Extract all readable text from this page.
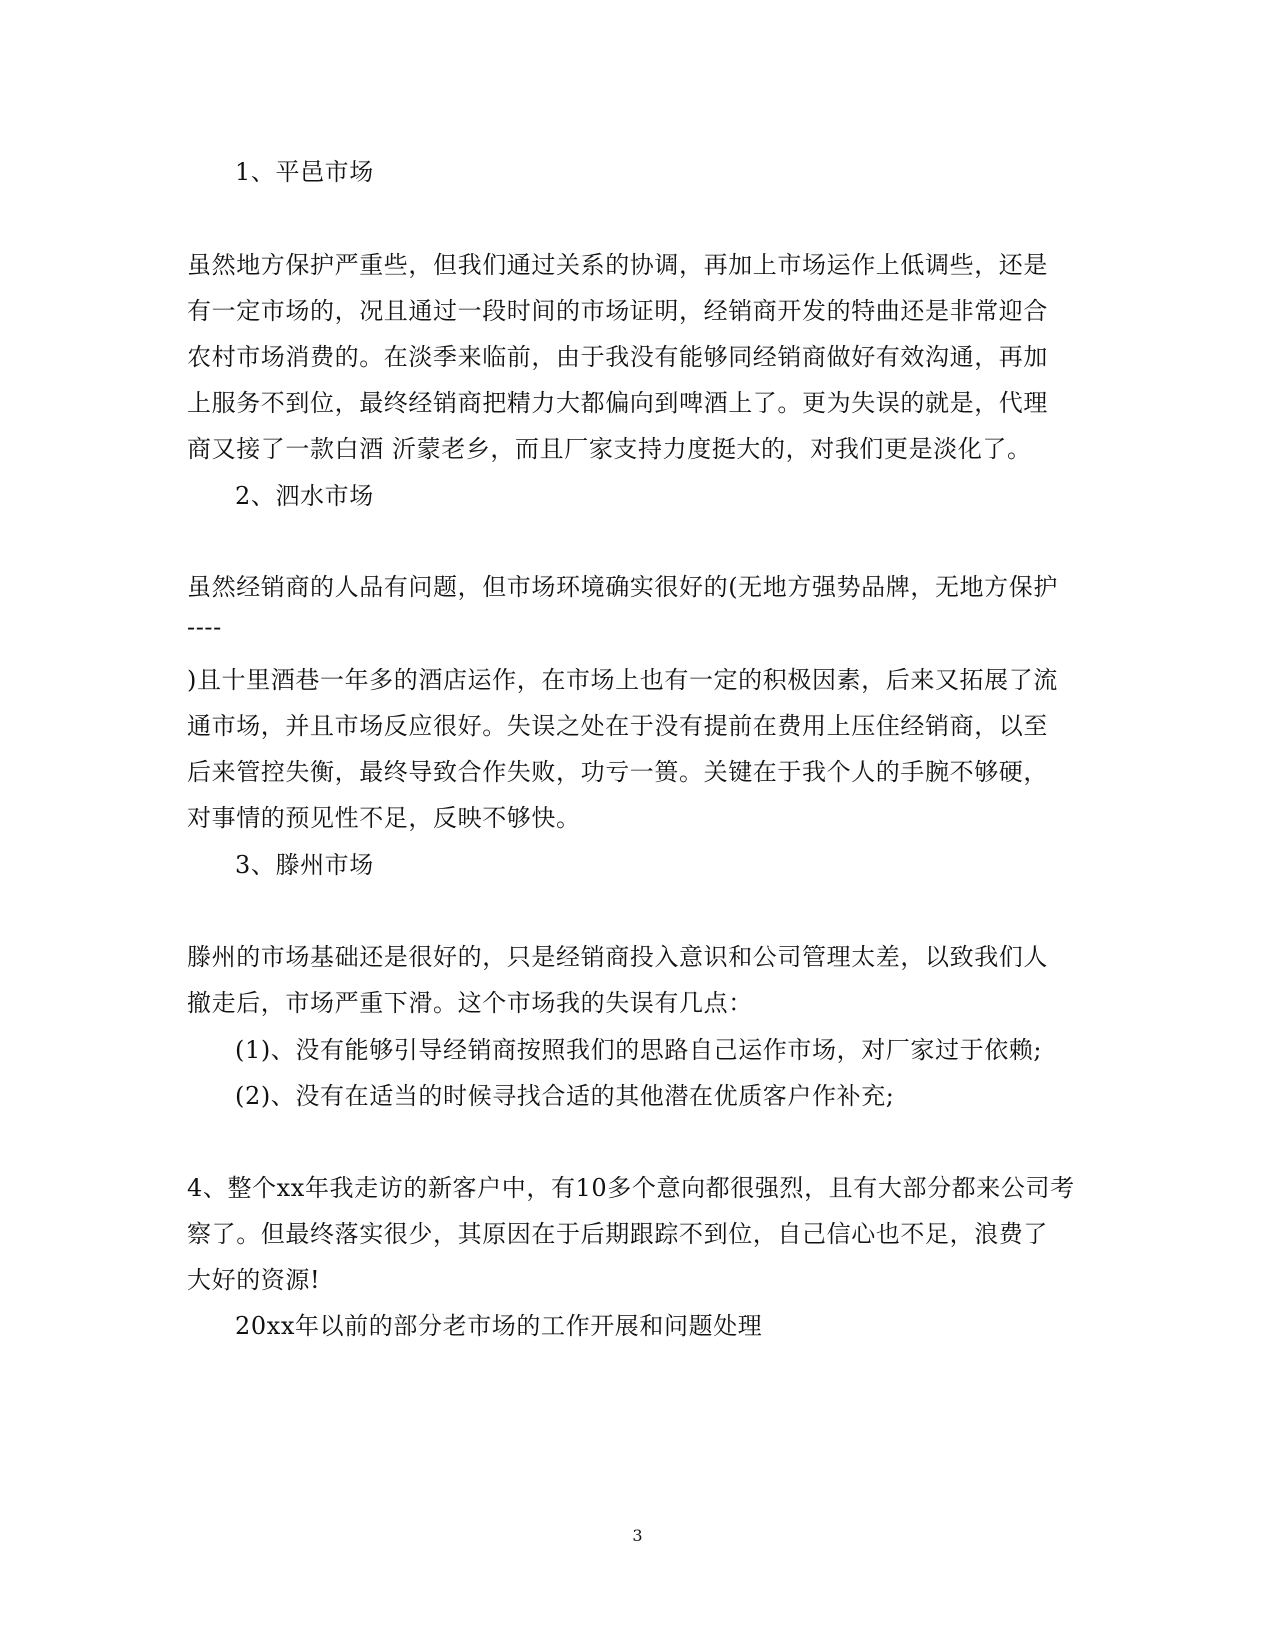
1、平邑市场
虽然地方保护严重些，但我们通过关系的协调，再加上市场运作上低调些，还是
有一定市场的，况且通过一段时间的市场证明，经销商开发的特曲还是非常迎合
农村市场消费的。在淡季来临前，由于我没有能够同经销商做好有效沟通，再加
上服务不到位，最终经销商把精力大都偏向到啤酒上了。更为失误的就是，代理
商又接了一款白酒 沂蒙老乡，而且厂家支持力度挺大的，对我们更是淡化了。
2、泗水市场
虽然经销商的人品有问题，但市场环境确实很好的(无地方强势品牌，无地方保护
----
)且十里酒巷一年多的酒店运作，在市场上也有一定的积极因素，后来又拓展了流
通市场，并且市场反应很好。失误之处在于没有提前在费用上压住经销商，以至
后来管控失衡，最终导致合作失败，功亏一篑。关键在于我个人的手腕不够硬，
对事情的预见性不足，反映不够快。
3、滕州市场
滕州的市场基础还是很好的，只是经销商投入意识和公司管理太差，以致我们人
撤走后，市场严重下滑。这个市场我的失误有几点：
(1)、没有能够引导经销商按照我们的思路自己运作市场，对厂家过于依赖;
(2)、没有在适当的时候寻找合适的其他潜在优质客户作补充;
4、整个xx年我走访的新客户中，有10多个意向都很强烈，且有大部分都来公司考
察了。但最终落实很少，其原因在于后期跟踪不到位，自己信心也不足，浪费了
大好的资源!
20xx年以前的部分老市场的工作开展和问题处理
3
